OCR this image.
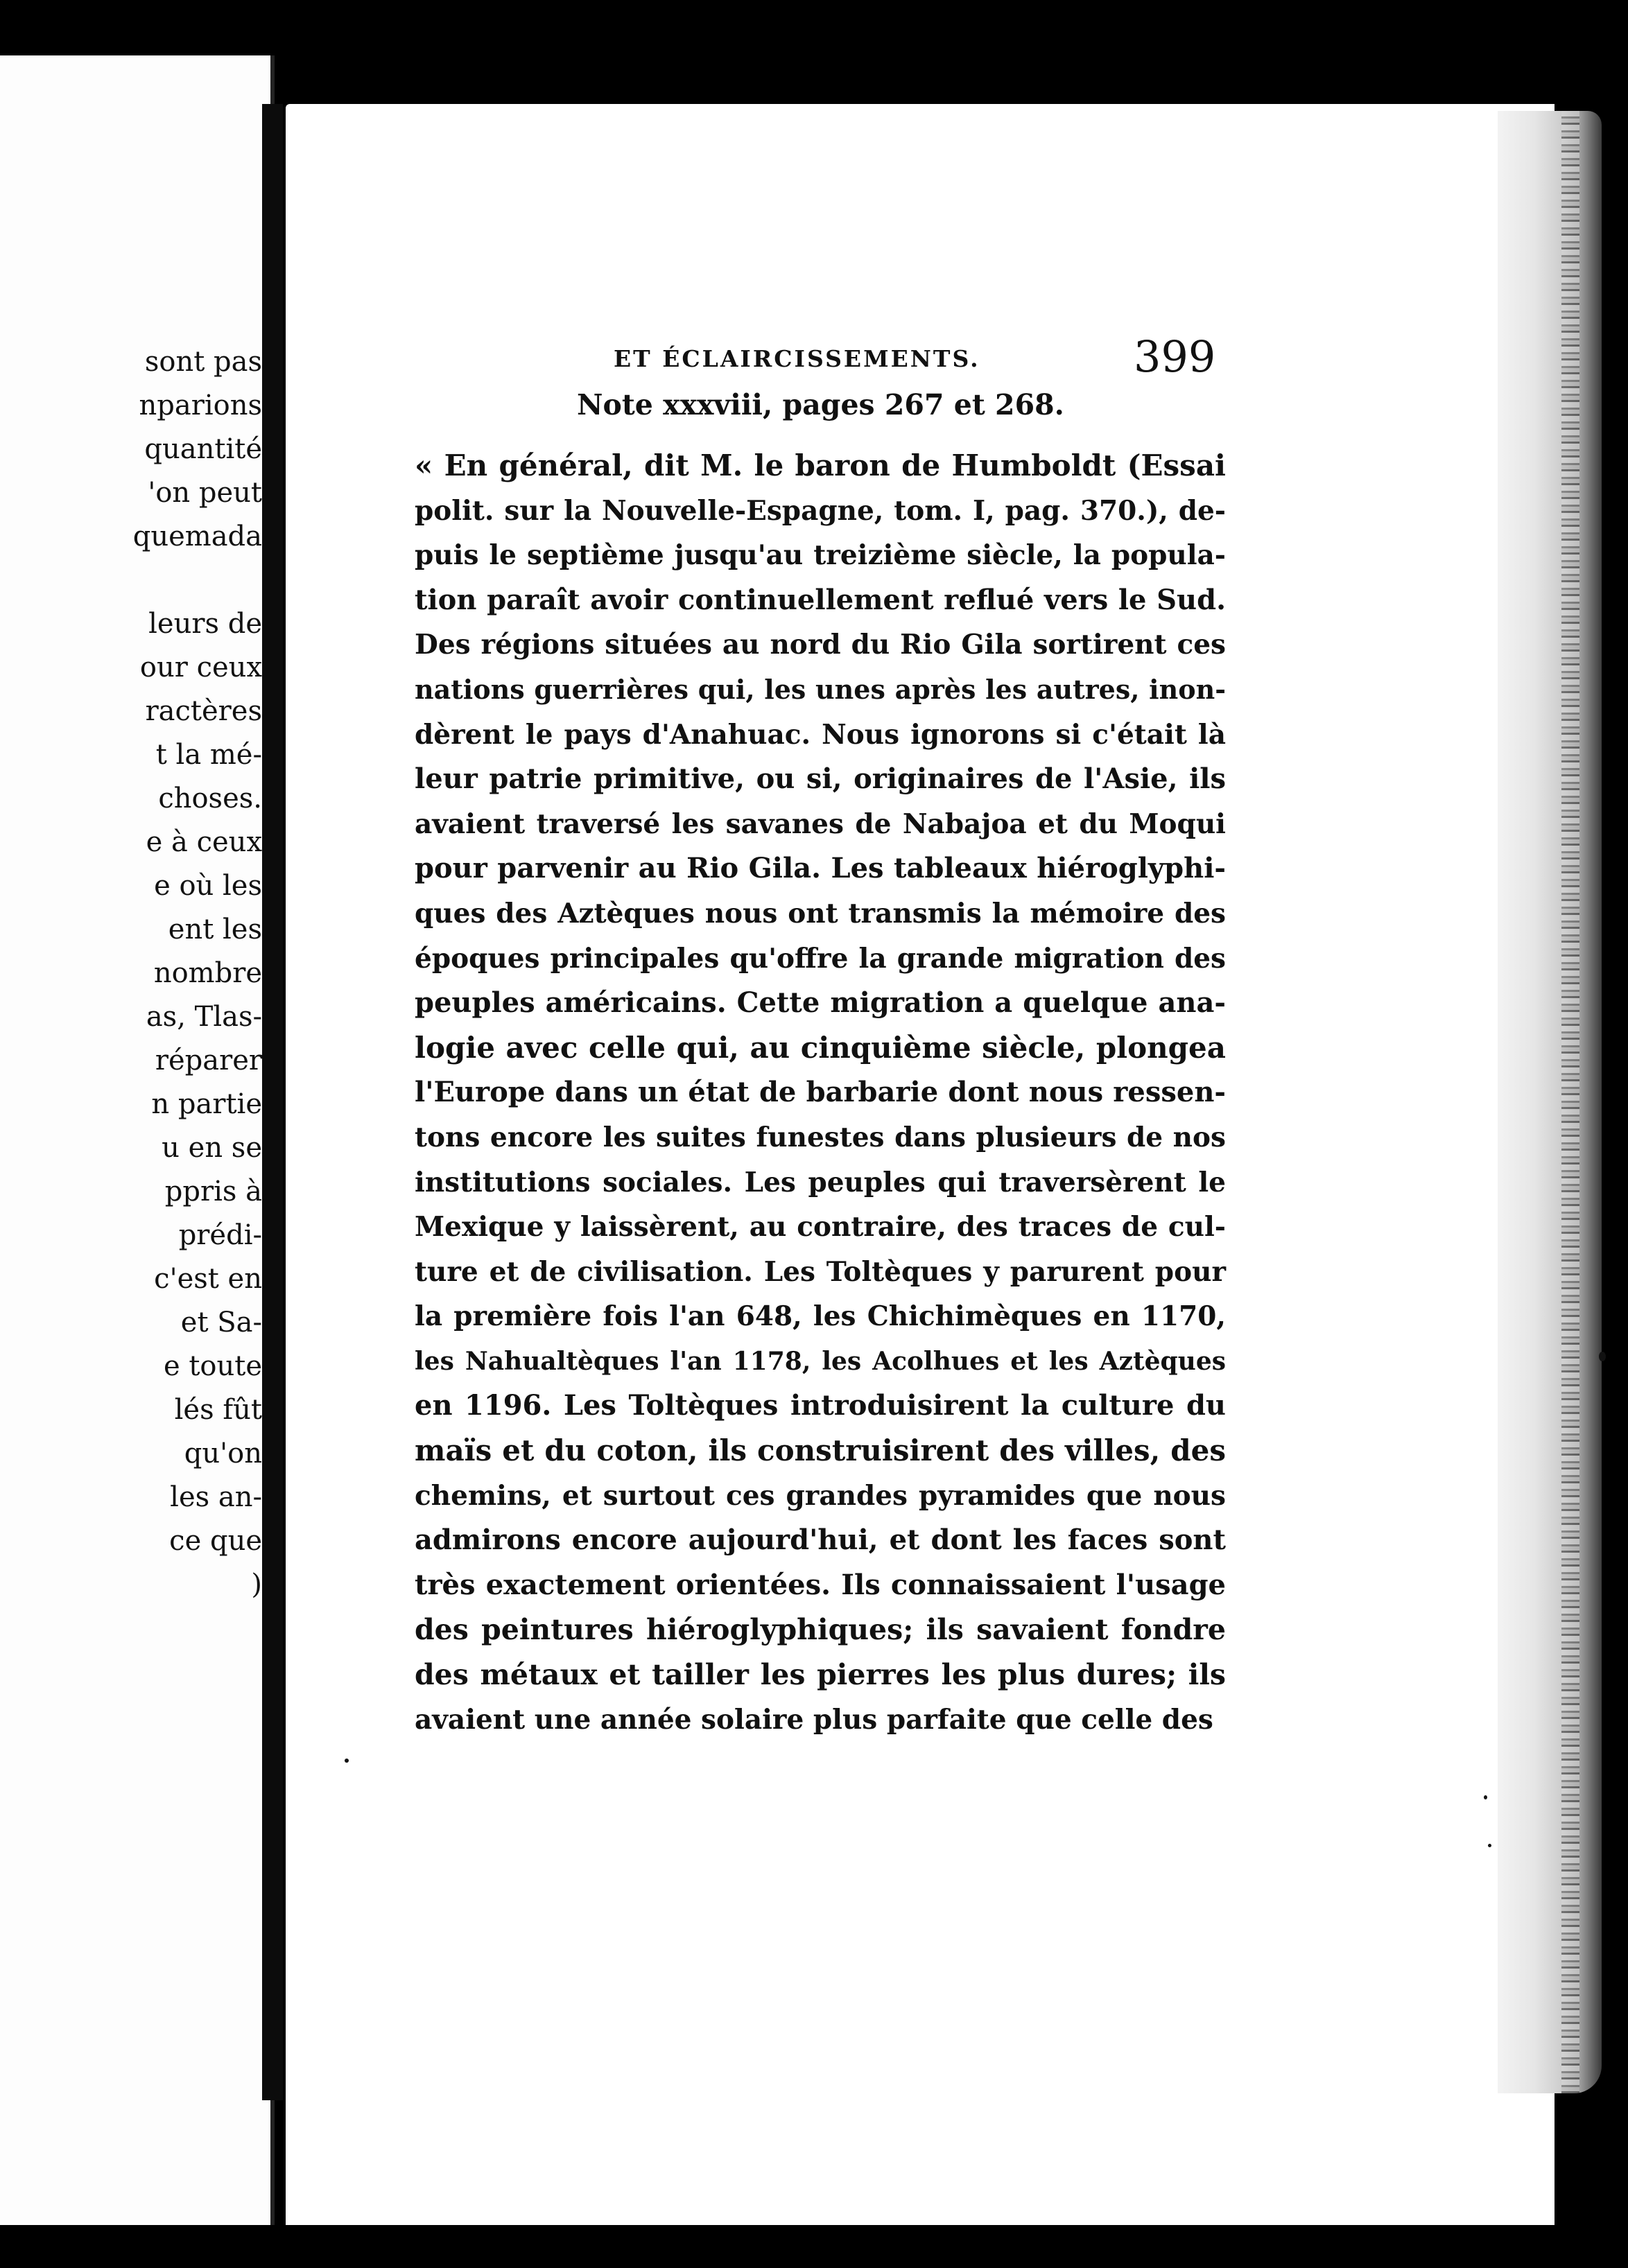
sont pas
nparions
quantité
'on peut
quemada
leurs de
our ceux
ractères
t la mé-
choses.
e à ceux
e où les
ent les
nombre
as, Tlas-
réparer
n partie
u en se
ppris à
prédi-
c'est en
et Sa-
e toute
lés fût
qu'on
les an-
ce que
)
ET ÉCLAIRCISSEMENTS.	399
Note xxxviii, pages 267 et 268.
« En général, dit M. le baron de Humboldt (Essai
polit. sur la Nouvelle-Espagne, tom. I, pag. 370.), de-
puis le septième jusqu'au treizième siècle, la popula-
tion paraît avoir continuellement reflué vers le Sud.
Des régions situées au nord du Rio Gila sortirent ces
nations guerrières qui, les unes après les autres, inon-
dèrent le pays d'Anahuac. Nous ignorons si c'était là
leur patrie primitive, ou si, originaires de l'Asie, ils
avaient traversé les savanes de Nabajoa et du Moqui
pour parvenir au Rio Gila. Les tableaux hiéroglyphi-
ques des Aztèques nous ont transmis la mémoire des
époques principales qu'offre la grande migration des
peuples américains. Cette migration a quelque ana-
logie avec celle qui, au cinquième siècle, plongea
l'Europe dans un état de barbarie dont nous ressen-
tons encore les suites funestes dans plusieurs de nos
institutions sociales. Les peuples qui traversèrent le
Mexique y laissèrent, au contraire, des traces de cul-
ture et de civilisation. Les Toltèques y parurent pour
la première fois l'an 648, les Chichimèques en 1170,
les Nahualtèques l'an 1178, les Acolhues et les Aztèques
en 1196. Les Toltèques introduisirent la culture du
maïs et du coton, ils construisirent des villes, des
chemins, et surtout ces grandes pyramides que nous
admirons encore aujourd'hui, et dont les faces sont
très exactement orientées. Ils connaissaient l'usage
des peintures hiéroglyphiques; ils savaient fondre
des métaux et tailler les pierres les plus dures; ils
avaient une année solaire plus parfaite que celle des
